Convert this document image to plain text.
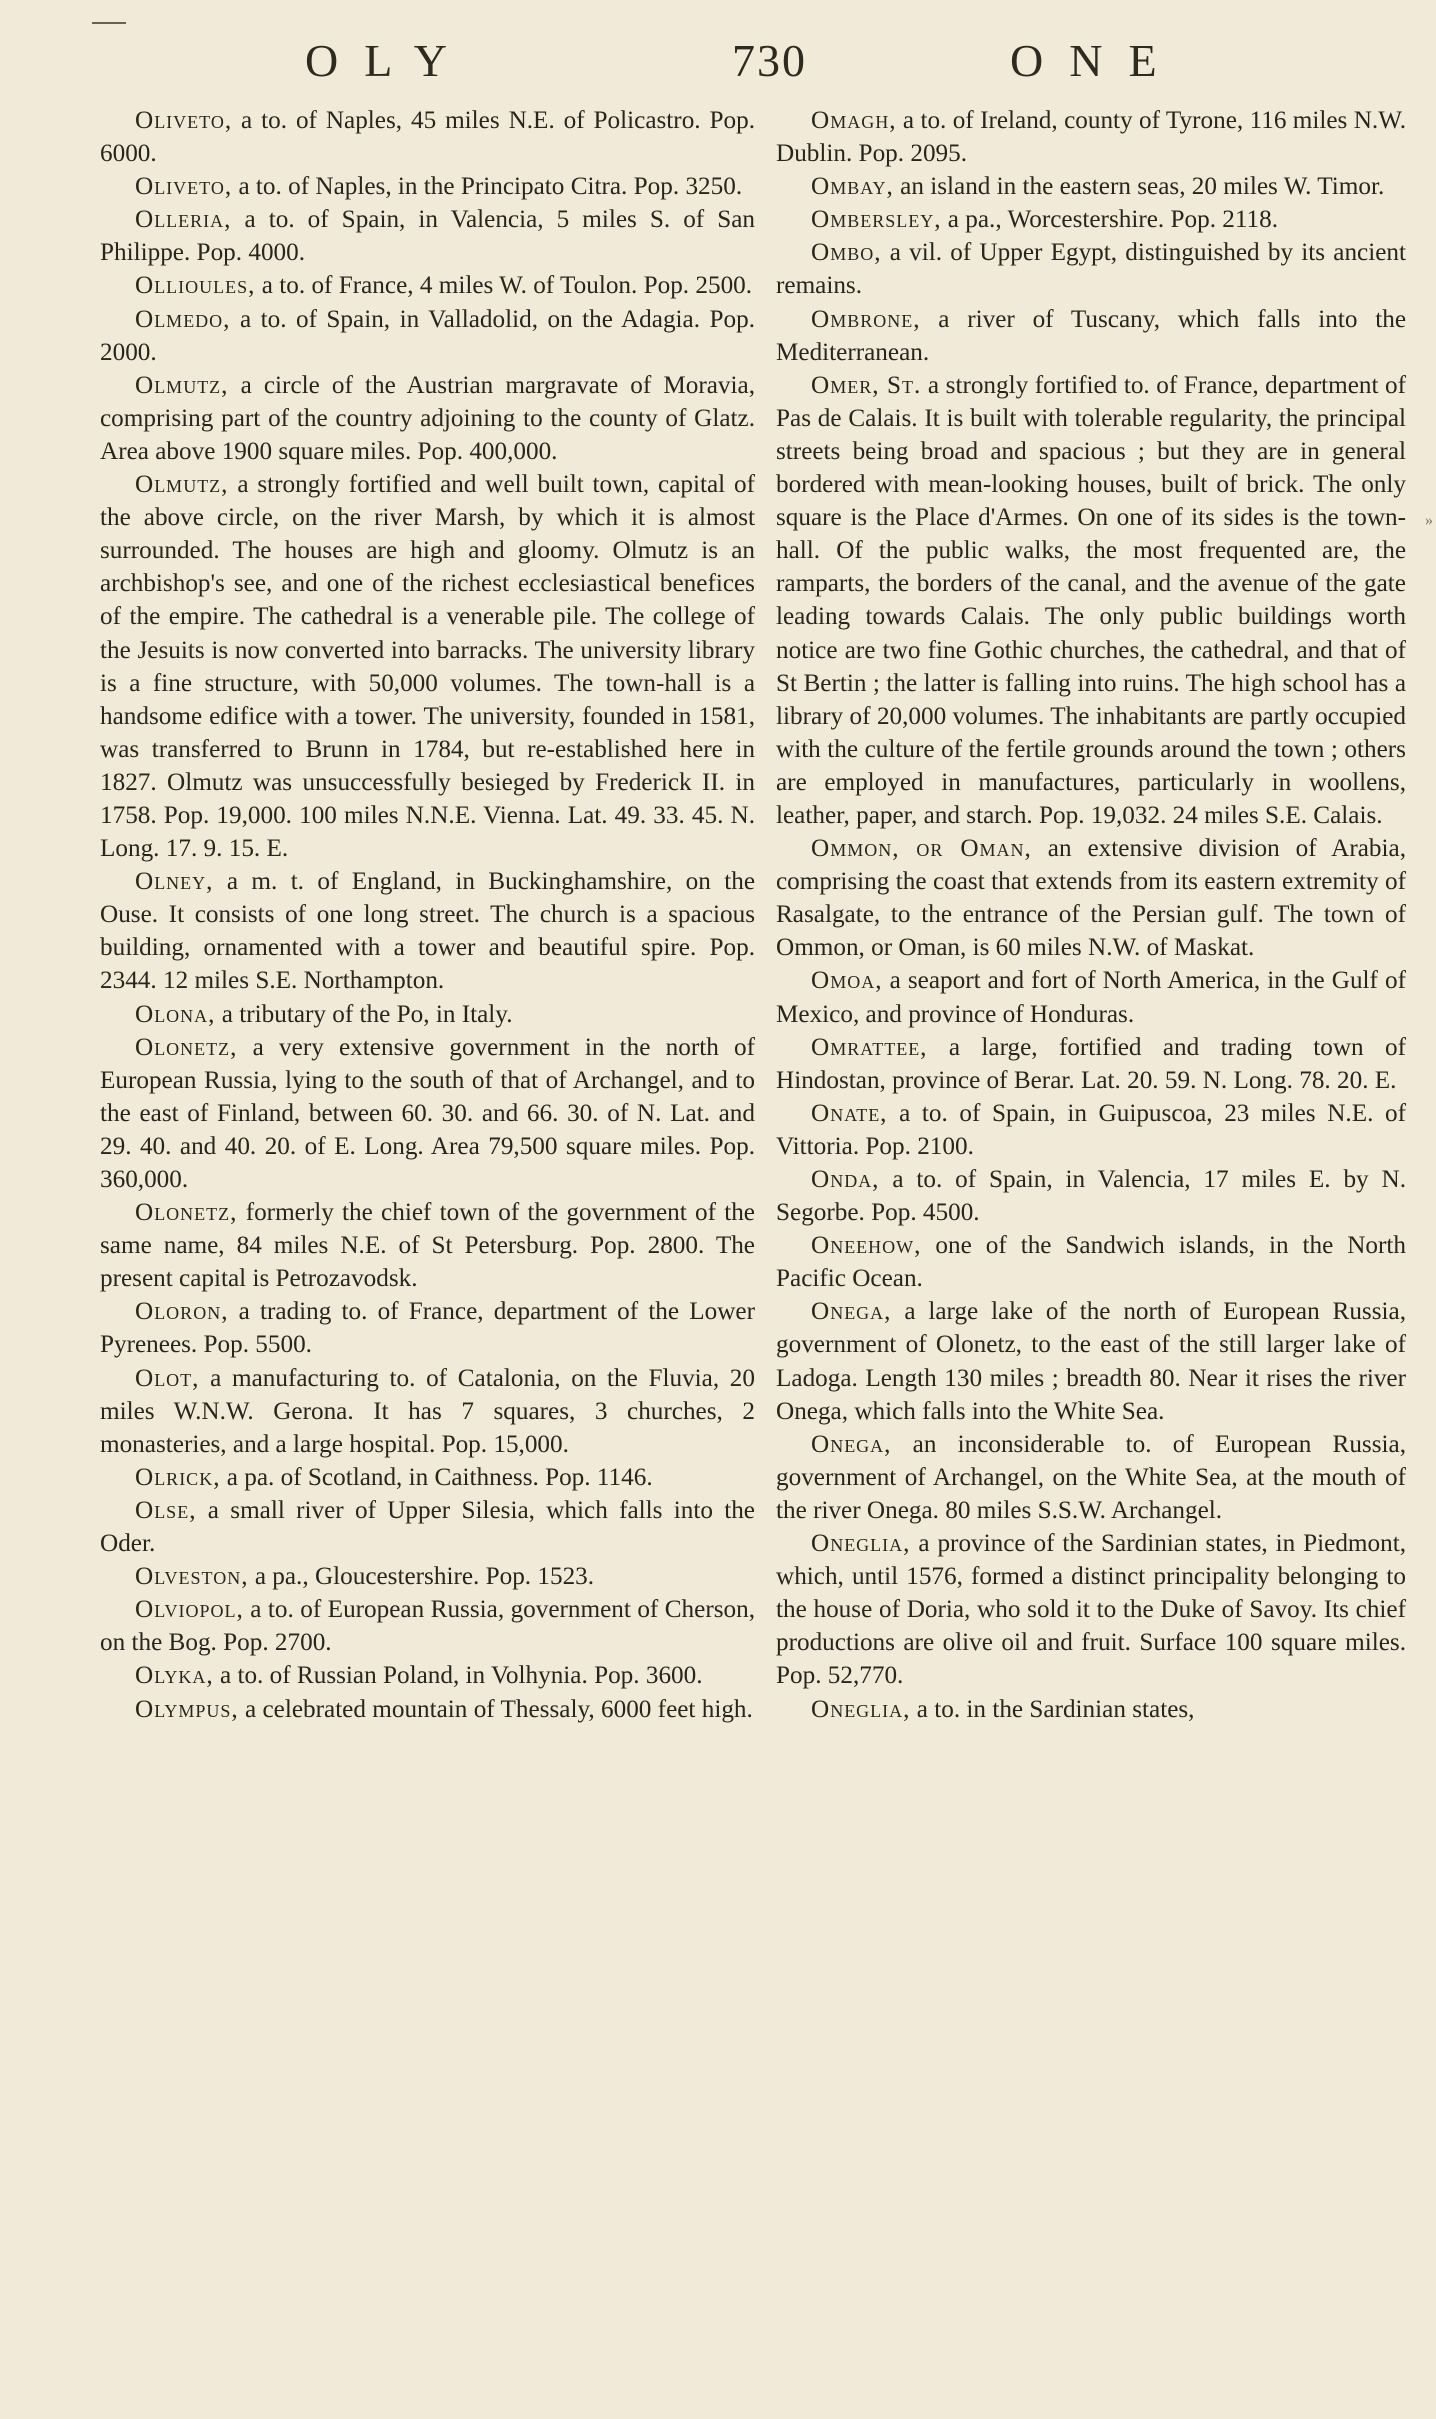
OLY	730	ONE

Oliveto, a to. of Naples, 45 miles N.E. of Policastro. Pop. 6000.

Oliveto, a to. of Naples, in the Principato Citra. Pop. 3250.

Olleria, a to. of Spain, in Valencia, 5 miles S. of San Philippe. Pop. 4000.

Ollioules, a to. of France, 4 miles W. of Toulon. Pop. 2500.

Olmedo, a to. of Spain, in Valladolid, on the Adagia. Pop. 2000.

Olmutz, a circle of the Austrian margravate of Moravia, comprising part of the country adjoining to the county of Glatz. Area above 1900 square miles. Pop. 400,000.

Olmutz, a strongly fortified and well built town, capital of the above circle, on the river Marsh, by which it is almost surrounded. The houses are high and gloomy. Olmutz is an archbishop's see, and one of the richest ecclesiastical benefices of the empire. The cathedral is a venerable pile. The college of the Jesuits is now converted into barracks. The university library is a fine structure, with 50,000 volumes. The town-hall is a handsome edifice with a tower. The university, founded in 1581, was transferred to Brunn in 1784, but re-established here in 1827. Olmutz was unsuccessfully besieged by Frederick II. in 1758. Pop. 19,000. 100 miles N.N.E. Vienna. Lat. 49. 33. 45. N. Long. 17. 9. 15. E.

Olney, a m. t. of England, in Buckinghamshire, on the Ouse. It consists of one long street. The church is a spacious building, ornamented with a tower and beautiful spire. Pop. 2344. 12 miles S.E. Northampton.

Olona, a tributary of the Po, in Italy.

Olonetz, a very extensive government in the north of European Russia, lying to the south of that of Archangel, and to the east of Finland, between 60. 30. and 66. 30. of N. Lat. and 29. 40. and 40. 20. of E. Long. Area 79,500 square miles. Pop. 360,000.

Olonetz, formerly the chief town of the government of the same name, 84 miles N.E. of St Petersburg. Pop. 2800. The present capital is Petrozavodsk.

Oloron, a trading to. of France, department of the Lower Pyrenees. Pop. 5500.

Olot, a manufacturing to. of Catalonia, on the Fluvia, 20 miles W.N.W. Gerona. It has 7 squares, 3 churches, 2 monasteries, and a large hospital. Pop. 15,000.

Olrick, a pa. of Scotland, in Caithness. Pop. 1146.

Olse, a small river of Upper Silesia, which falls into the Oder.

Olveston, a pa., Gloucestershire. Pop. 1523.

Olviopol, a to. of European Russia, government of Cherson, on the Bog. Pop. 2700.

Olyka, a to. of Russian Poland, in Volhynia. Pop. 3600.

Olympus, a celebrated mountain of Thessaly, 6000 feet high.

Omagh, a to. of Ireland, county of Tyrone, 116 miles N.W. Dublin. Pop. 2095.

Ombay, an island in the eastern seas, 20 miles W. Timor.

Ombersley, a pa., Worcestershire. Pop. 2118.

Ombo, a vil. of Upper Egypt, distinguished by its ancient remains.

Ombrone, a river of Tuscany, which falls into the Mediterranean.

Omer, St. a strongly fortified to. of France, department of Pas de Calais. It is built with tolerable regularity, the principal streets being broad and spacious ; but they are in general bordered with mean-looking houses, built of brick. The only square is the Place d'Armes. On one of its sides is the town-hall. Of the public walks, the most frequented are, the ramparts, the borders of the canal, and the avenue of the gate leading towards Calais. The only public buildings worth notice are two fine Gothic churches, the cathedral, and that of St Bertin ; the latter is falling into ruins. The high school has a library of 20,000 volumes. The inhabitants are partly occupied with the culture of the fertile grounds around the town ; others are employed in manufactures, particularly in woollens, leather, paper, and starch. Pop. 19,032. 24 miles S.E. Calais.

Ommon, or Oman, an extensive division of Arabia, comprising the coast that extends from its eastern extremity of Rasalgate, to the entrance of the Persian gulf. The town of Ommon, or Oman, is 60 miles N.W. of Maskat.

Omoa, a seaport and fort of North America, in the Gulf of Mexico, and province of Honduras.

Omrattee, a large, fortified and trading town of Hindostan, province of Berar. Lat. 20. 59. N. Long. 78. 20. E.

Onate, a to. of Spain, in Guipuscoa, 23 miles N.E. of Vittoria. Pop. 2100.

Onda, a to. of Spain, in Valencia, 17 miles E. by N. Segorbe. Pop. 4500.

Oneehow, one of the Sandwich islands, in the North Pacific Ocean.

Onega, a large lake of the north of European Russia, government of Olonetz, to the east of the still larger lake of Ladoga. Length 130 miles ; breadth 80. Near it rises the river Onega, which falls into the White Sea.

Onega, an inconsiderable to. of European Russia, government of Archangel, on the White Sea, at the mouth of the river Onega. 80 miles S.S.W. Archangel.

Oneglia, a province of the Sardinian states, in Piedmont, which, until 1576, formed a distinct principality belonging to the house of Doria, who sold it to the Duke of Savoy. Its chief productions are olive oil and fruit. Surface 100 square miles. Pop. 52,770.

Oneglia, a to. in the Sardinian states,

»
